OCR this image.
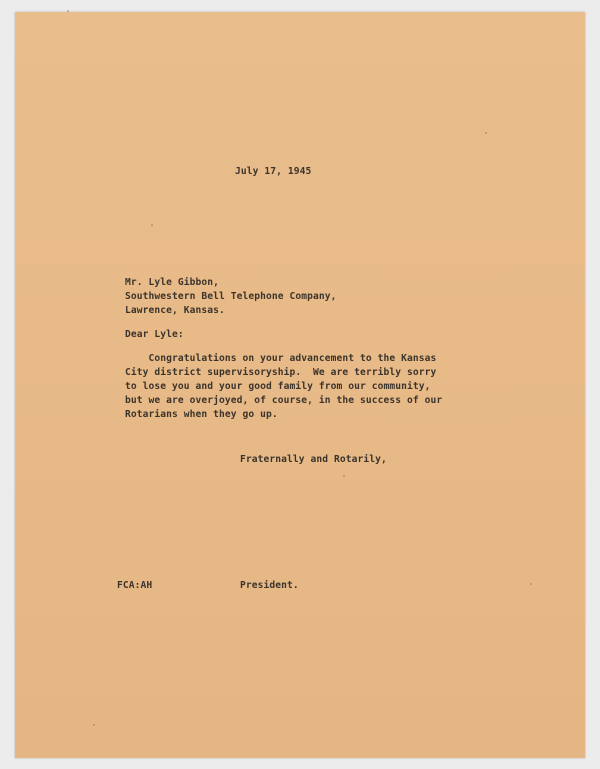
July 17, 1945
Mr. Lyle Gibbon,
Southwestern Bell Telephone Company,
Lawrence, Kansas.
Dear Lyle:
Congratulations on your advancement to the Kansas
City district supervisoryship.  We are terribly sorry
to lose you and your good family from our community,
but we are overjoyed, of course, in the success of our
Rotarians when they go up.
Fraternally and Rotarily,
FCA:AH	President.
